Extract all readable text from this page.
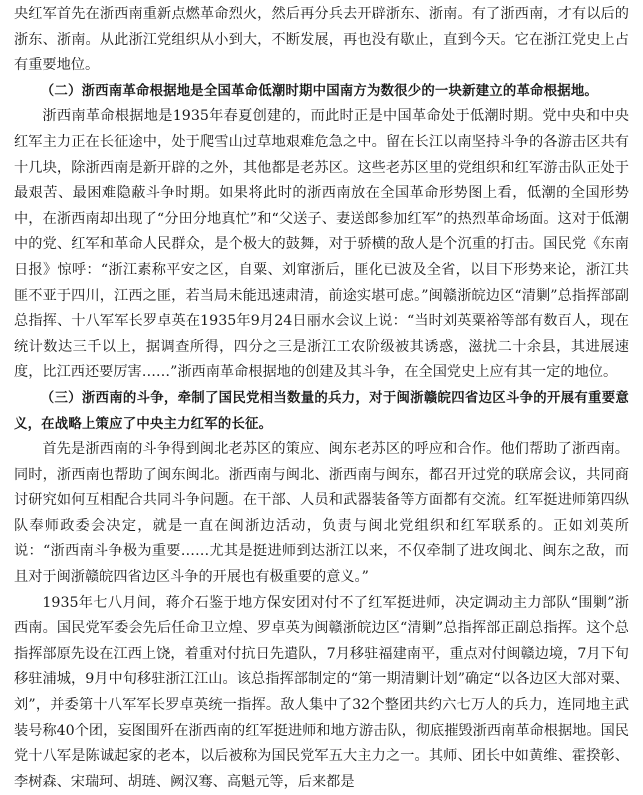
央红军首先在浙西南重新点燃革命烈火，然后再分兵去开辟浙东、浙南。有了浙西南，才有以后的浙东、浙南。从此浙江党组织从小到大，不断发展，再也没有歇止，直到今天。它在浙江党史上占有重要地位。

（二）浙西南革命根据地是全国革命低潮时期中国南方为数很少的一块新建立的革命根据地。

浙西南革命根据地是1935年春夏创建的，而此时正是中国革命处于低潮时期。党中央和中央红军主力正在长征途中，处于爬雪山过草地艰难危急之中。留在长江以南坚持斗争的各游击区共有十几块，除浙西南是新开辟的之外，其他都是老苏区。这些老苏区里的党组织和红军游击队正处于最艰苦、最困难隐蔽斗争时期。如果将此时的浙西南放在全国革命形势图上看，低潮的全国形势中，在浙西南却出现了“分田分地真忙”和“父送子、妻送郎参加红军”的热烈革命场面。这对于低潮中的党、红军和革命人民群众，是个极大的鼓舞，对于骄横的敌人是个沉重的打击。国民党《东南日报》惊呼：“浙江素称平安之区，自粟、刘窜浙后，匪化已波及全省，以目下形势来论，浙江共匪不亚于四川，江西之匪，若当局未能迅速肃清，前途实堪可虑。”闽赣浙皖边区“清剿”总指挥部副总指挥、十八军军长罗卓英在1935年9月24日丽水会议上说：“当时刘英粟裕等部有数百人，现在统计数达三千以上，据调查所得，四分之三是浙江工农阶级被其诱惑，滋扰二十余县，其进展速度，比江西还要厉害……”浙西南革命根据地的创建及其斗争，在全国党史上应有其一定的地位。

（三）浙西南的斗争，牵制了国民党相当数量的兵力，对于闽浙赣皖四省边区斗争的开展有重要意义，在战略上策应了中央主力红军的长征。

首先是浙西南的斗争得到闽北老苏区的策应、闽东老苏区的呼应和合作。他们帮助了浙西南。同时，浙西南也帮助了闽东闽北。浙西南与闽北、浙西南与闽东，都召开过党的联席会议，共同商讨研究如何互相配合共同斗争问题。在干部、人员和武器装备等方面都有交流。红军挺进师第四纵队奉师政委会决定，就是一直在闽浙边活动，负责与闽北党组织和红军联系的。正如刘英所说：“浙西南斗争极为重要……尤其是挺进师到达浙江以来，不仅牵制了进攻闽北、闽东之敌，而且对于闽浙赣皖四省边区斗争的开展也有极重要的意义。”

1935年七八月间，蒋介石鉴于地方保安团对付不了红军挺进师，决定调动主力部队“围剿”浙西南。国民党军委会先后任命卫立煌、罗卓英为闽赣浙皖边区“清剿”总指挥部正副总指挥。这个总指挥部原先设在江西上饶，着重对付抗日先遣队，7月移驻福建南平，重点对付闽赣边境，7月下旬移驻浦城，9月中旬移驻浙江江山。该总指挥部制定的“第一期清剿计划”确定“以各边区大部对粟、刘”，并委第十八军军长罗卓英统一指挥。敌人集中了32个整团共约六七万人的兵力，连同地主武装号称40个团，妄图围歼在浙西南的红军挺进师和地方游击队，彻底摧毁浙西南革命根据地。国民党十八军是陈诚起家的老本，以后被称为国民党军五大主力之一。其师、团长中如黄维、霍揆彰、李树森、宋瑞珂、胡琏、阙汉骞、高魁元等，后来都是
